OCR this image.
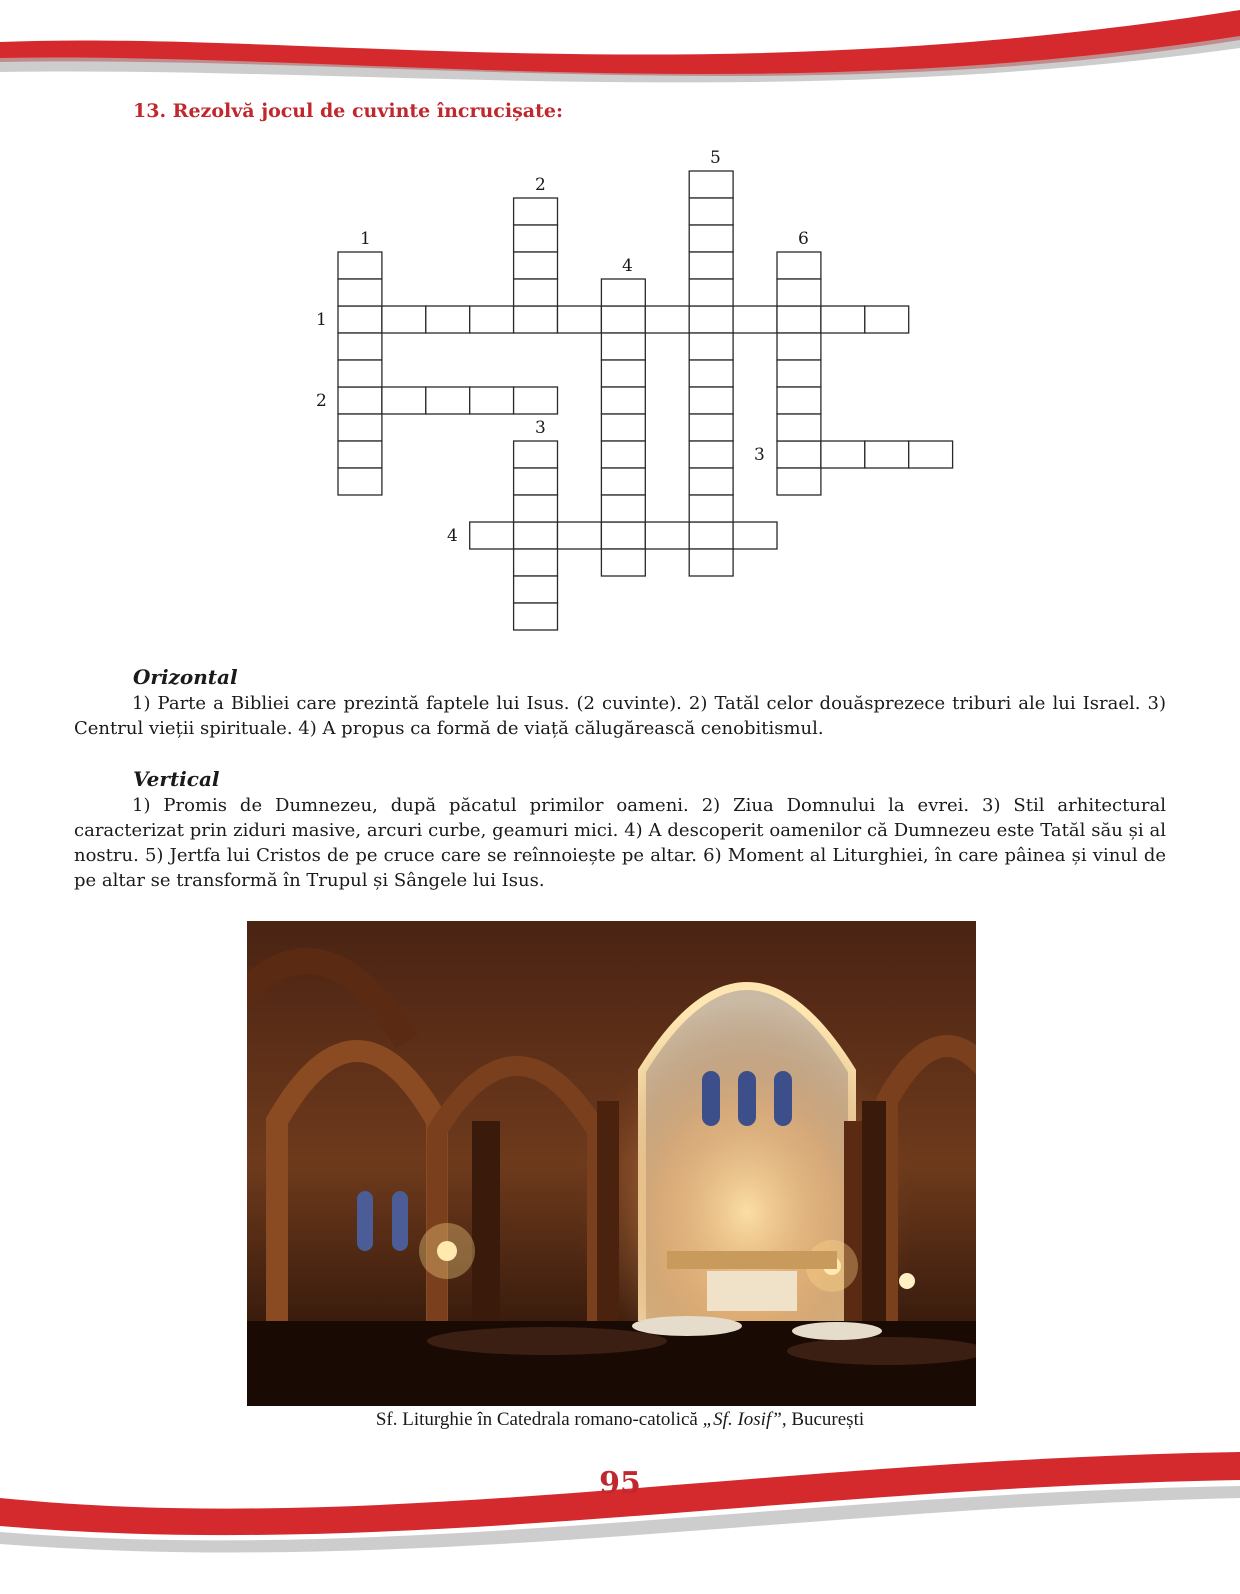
13. Rezolvă jocul de cuvinte încrucișate:
1
2
3
4
5
6
1
2
3
4
Orizontal

1) Parte a Bibliei care prezintă faptele lui Isus. (2 cuvinte). 2) Tatăl celor douăsprezece triburi ale lui Israel. 3) Centrul vieții spirituale. 4) A propus ca formă de viață călugărească cenobitismul.

Vertical

1) Promis de Dumnezeu, după păcatul primilor oameni. 2) Ziua Domnului la evrei. 3) Stil arhitectural caracterizat prin ziduri masive, arcuri curbe, geamuri mici. 4) A descoperit oamenilor că Dumnezeu este Tatăl său și al nostru. 5) Jertfa lui Cristos de pe cruce care se reînnoiește pe altar. 6) Moment al Liturghiei, în care pâinea și vinul de pe altar se transformă în Trupul și Sângele lui Isus.

Sf. Liturghie în Catedrala romano-catolică „Sf. Iosif”, București

95
